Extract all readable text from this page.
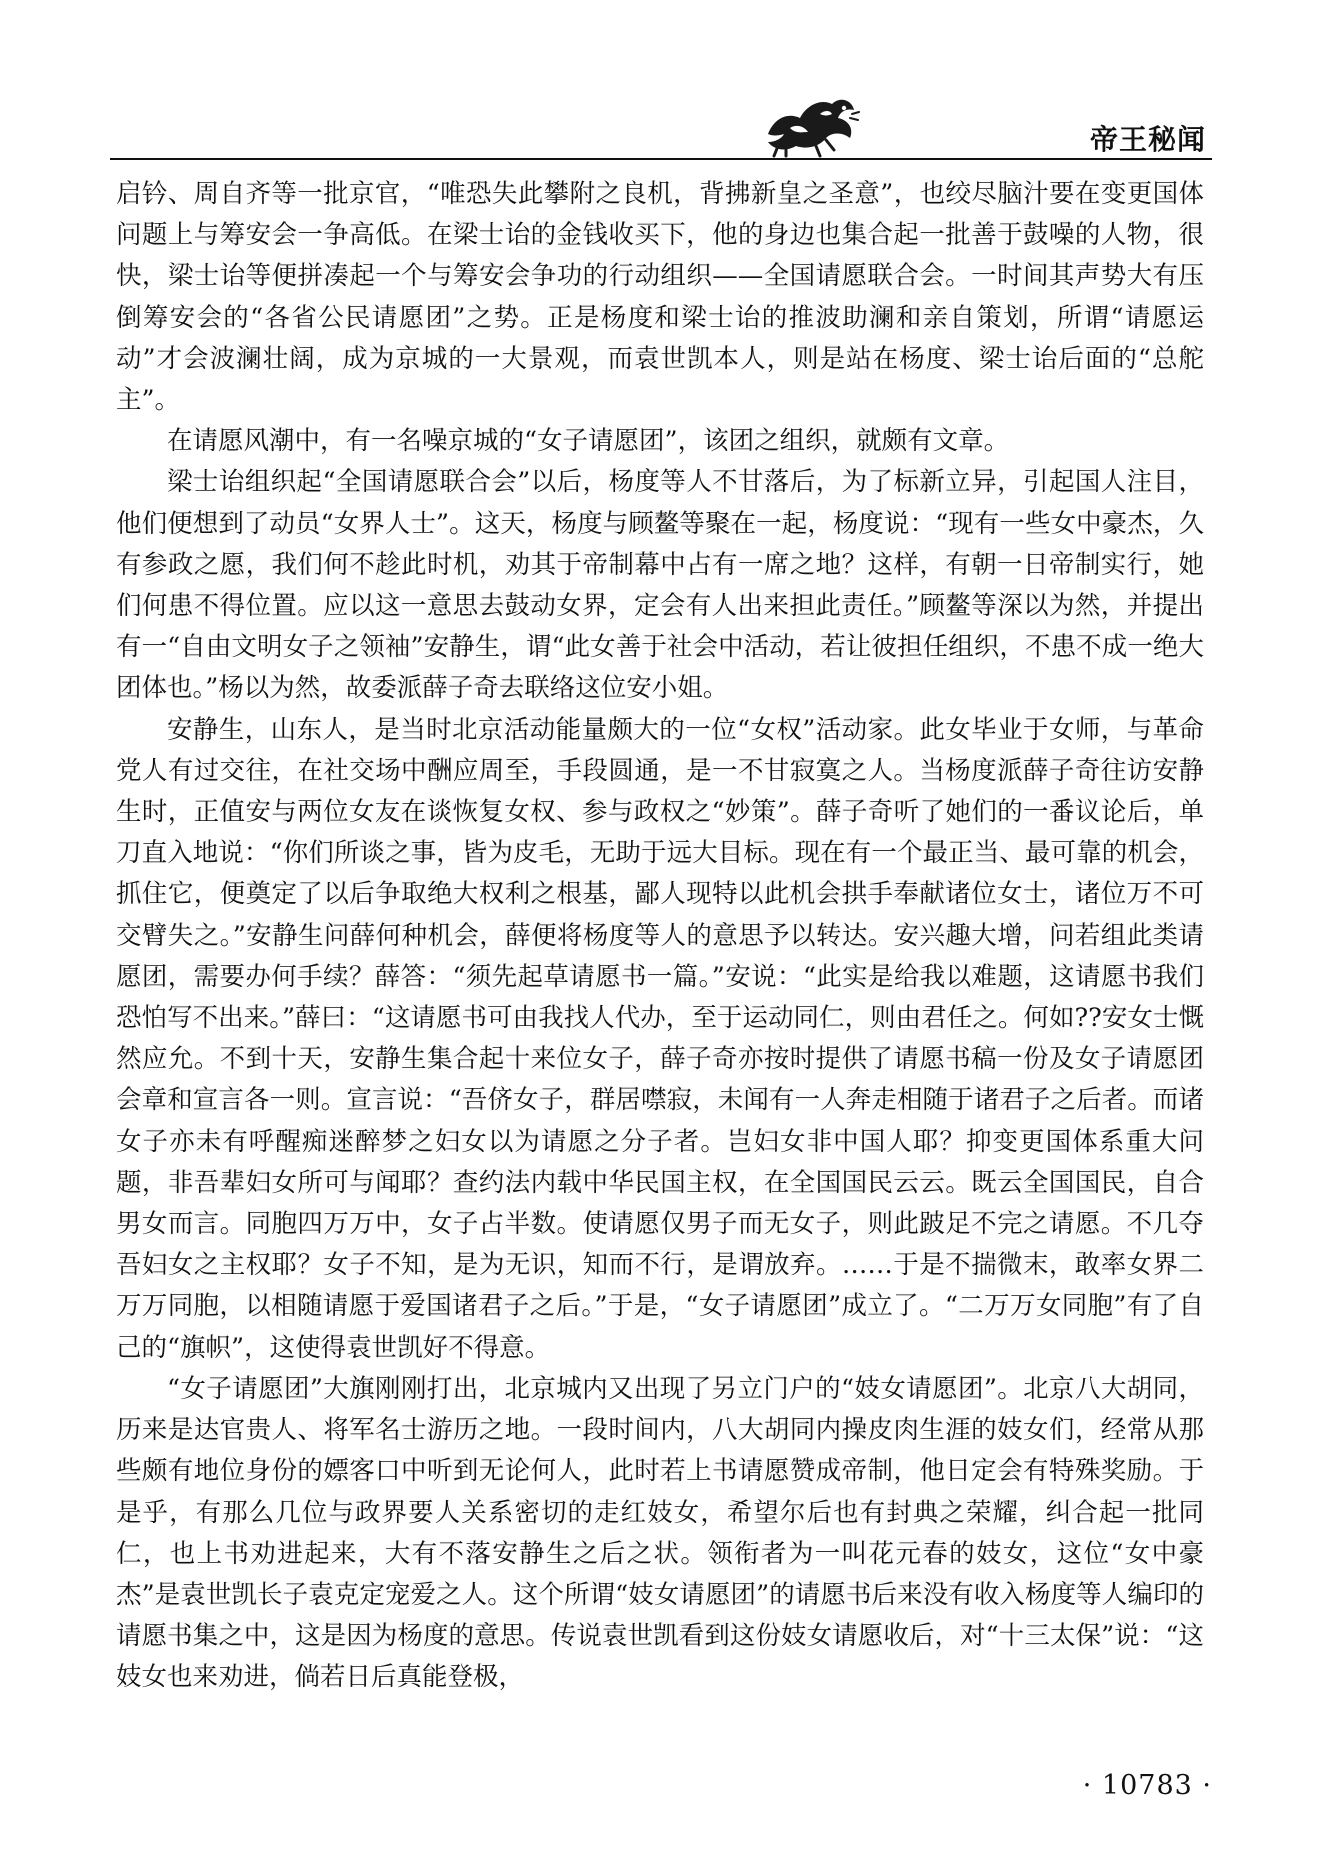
帝王秘闻

启钤、周自齐等一批京官，“唯恐失此攀附之良机，背拂新皇之圣意”，也绞尽脑汁要在变更国体问题上与筹安会一争高低。在梁士诒的金钱收买下，他的身边也集合起一批善于鼓噪的人物，很快，梁士诒等便拼凑起一个与筹安会争功的行动组织——全国请愿联合会。一时间其声势大有压倒筹安会的“各省公民请愿团”之势。正是杨度和梁士诒的推波助澜和亲自策划，所谓“请愿运动”才会波澜壮阔，成为京城的一大景观，而袁世凯本人，则是站在杨度、梁士诒后面的“总舵主”。

在请愿风潮中，有一名噪京城的“女子请愿团”，该团之组织，就颇有文章。

梁士诒组织起“全国请愿联合会”以后，杨度等人不甘落后，为了标新立异，引起国人注目，他们便想到了动员“女界人士”。这天，杨度与顾鳌等聚在一起，杨度说：“现有一些女中豪杰，久有参政之愿，我们何不趁此时机，劝其于帝制幕中占有一席之地？这样，有朝一日帝制实行，她们何患不得位置。应以这一意思去鼓动女界，定会有人出来担此责任。”顾鳌等深以为然，并提出有一“自由文明女子之领袖”安静生，谓“此女善于社会中活动，若让彼担任组织，不患不成一绝大团体也。”杨以为然，故委派薛子奇去联络这位安小姐。

安静生，山东人，是当时北京活动能量颇大的一位“女权”活动家。此女毕业于女师，与革命党人有过交往，在社交场中酬应周至，手段圆通，是一不甘寂寞之人。当杨度派薛子奇往访安静生时，正值安与两位女友在谈恢复女权、参与政权之“妙策”。薛子奇听了她们的一番议论后，单刀直入地说：“你们所谈之事，皆为皮毛，无助于远大目标。现在有一个最正当、最可靠的机会，抓住它，便奠定了以后争取绝大权利之根基，鄙人现特以此机会拱手奉献诸位女士，诸位万不可交臂失之。”安静生问薛何种机会，薛便将杨度等人的意思予以转达。安兴趣大增，问若组此类请愿团，需要办何手续？薛答：“须先起草请愿书一篇。”安说：“此实是给我以难题，这请愿书我们恐怕写不出来。”薛曰：“这请愿书可由我找人代办，至于运动同仁，则由君任之。何如??安女士慨然应允。不到十天，安静生集合起十来位女子，薛子奇亦按时提供了请愿书稿一份及女子请愿团会章和宣言各一则。宣言说：“吾侪女子，群居噤寂，未闻有一人奔走相随于诸君子之后者。而诸女子亦未有呼醒痴迷醉梦之妇女以为请愿之分子者。岂妇女非中国人耶？抑变更国体系重大问题，非吾辈妇女所可与闻耶？查约法内载中华民国主权，在全国国民云云。既云全国国民，自合男女而言。同胞四万万中，女子占半数。使请愿仅男子而无女子，则此跛足不完之请愿。不几夺吾妇女之主权耶？女子不知，是为无识，知而不行，是谓放弃。……于是不揣微末，敢率女界二万万同胞，以相随请愿于爱国诸君子之后。”于是，“女子请愿团”成立了。“二万万女同胞”有了自己的“旗帜”，这使得袁世凯好不得意。

“女子请愿团”大旗刚刚打出，北京城内又出现了另立门户的“妓女请愿团”。北京八大胡同，历来是达官贵人、将军名士游历之地。一段时间内，八大胡同内操皮肉生涯的妓女们，经常从那些颇有地位身份的嫖客口中听到无论何人，此时若上书请愿赞成帝制，他日定会有特殊奖励。于是乎，有那么几位与政界要人关系密切的走红妓女，希望尔后也有封典之荣耀，纠合起一批同仁，也上书劝进起来，大有不落安静生之后之状。领衔者为一叫花元春的妓女，这位“女中豪杰”是袁世凯长子袁克定宠爱之人。这个所谓“妓女请愿团”的请愿书后来没有收入杨度等人编印的请愿书集之中，这是因为杨度的意思。传说袁世凯看到这份妓女请愿收后，对“十三太保”说：“这妓女也来劝进，倘若日后真能登极，

· 10783 ·
